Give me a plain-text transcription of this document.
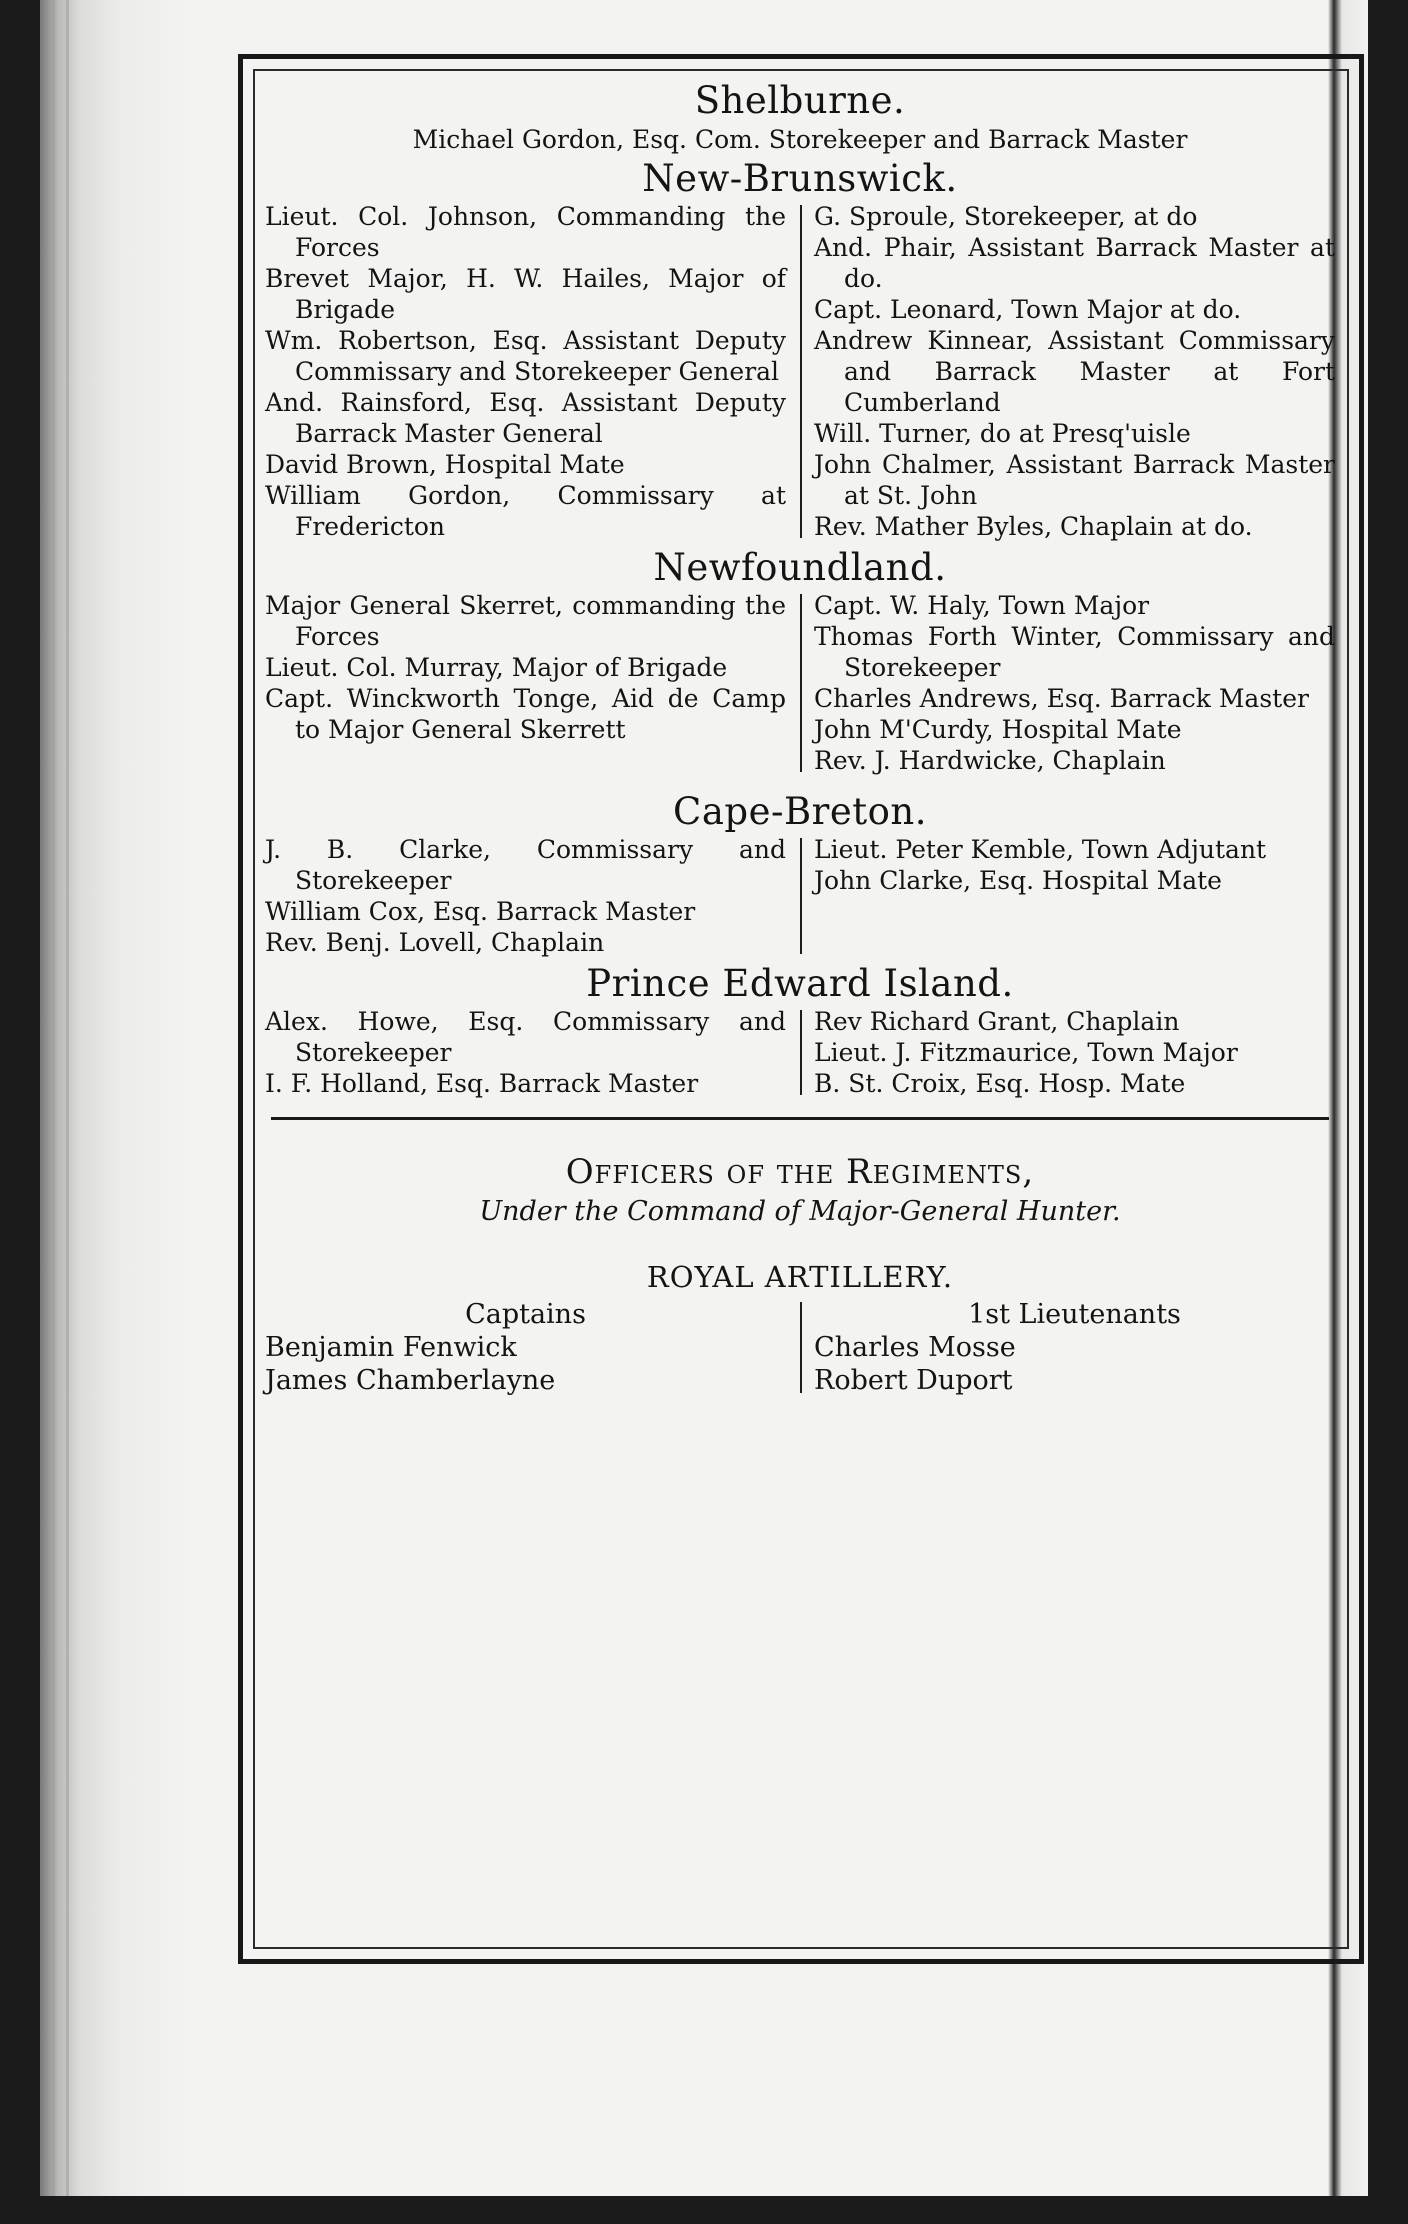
Shelburne.

Michael Gordon, Esq. Com. Storekeeper and Barrack Master

New-Brunswick.

Lieut. Col. Johnson, Commanding the Forces

Brevet Major, H. W. Hailes, Major of Brigade

Wm. Robertson, Esq. Assistant Deputy Commissary and Storekeeper General

And. Rainsford, Esq. Assistant Deputy Barrack Master General

David Brown, Hospital Mate

William Gordon, Commissary at Fredericton

G. Sproule, Storekeeper, at do

And. Phair, Assistant Barrack Master at do.

Capt. Leonard, Town Major at do.

Andrew Kinnear, Assistant Commissary and Barrack Master at Fort Cumberland

Will. Turner, do at Presq'uisle

John Chalmer, Assistant Barrack Master at St. John

Rev. Mather Byles, Chaplain at do.

Newfoundland.

Major General Skerret, commanding the Forces

Lieut. Col. Murray, Major of Brigade

Capt. Winckworth Tonge, Aid de Camp to Major General Skerrett

Capt. W. Haly, Town Major

Thomas Forth Winter, Commissary and Storekeeper

Charles Andrews, Esq. Barrack Master

John M'Curdy, Hospital Mate

Rev. J. Hardwicke, Chaplain

Cape-Breton.

J. B. Clarke, Commissary and Storekeeper

William Cox, Esq. Barrack Master

Rev. Benj. Lovell, Chaplain

Lieut. Peter Kemble, Town Adjutant

John Clarke, Esq. Hospital Mate

Prince Edward Island.

Alex. Howe, Esq. Commissary and Storekeeper

I. F. Holland, Esq. Barrack Master

Rev Richard Grant, Chaplain

Lieut. J. Fitzmaurice, Town Major

B. St. Croix, Esq. Hosp. Mate

Officers of the Regiments,
Under the Command of Major-General Hunter.
ROYAL ARTILLERY.

Captains

Benjamin Fenwick

James Chamberlayne

1st Lieutenants

Charles Mosse

Robert Duport
